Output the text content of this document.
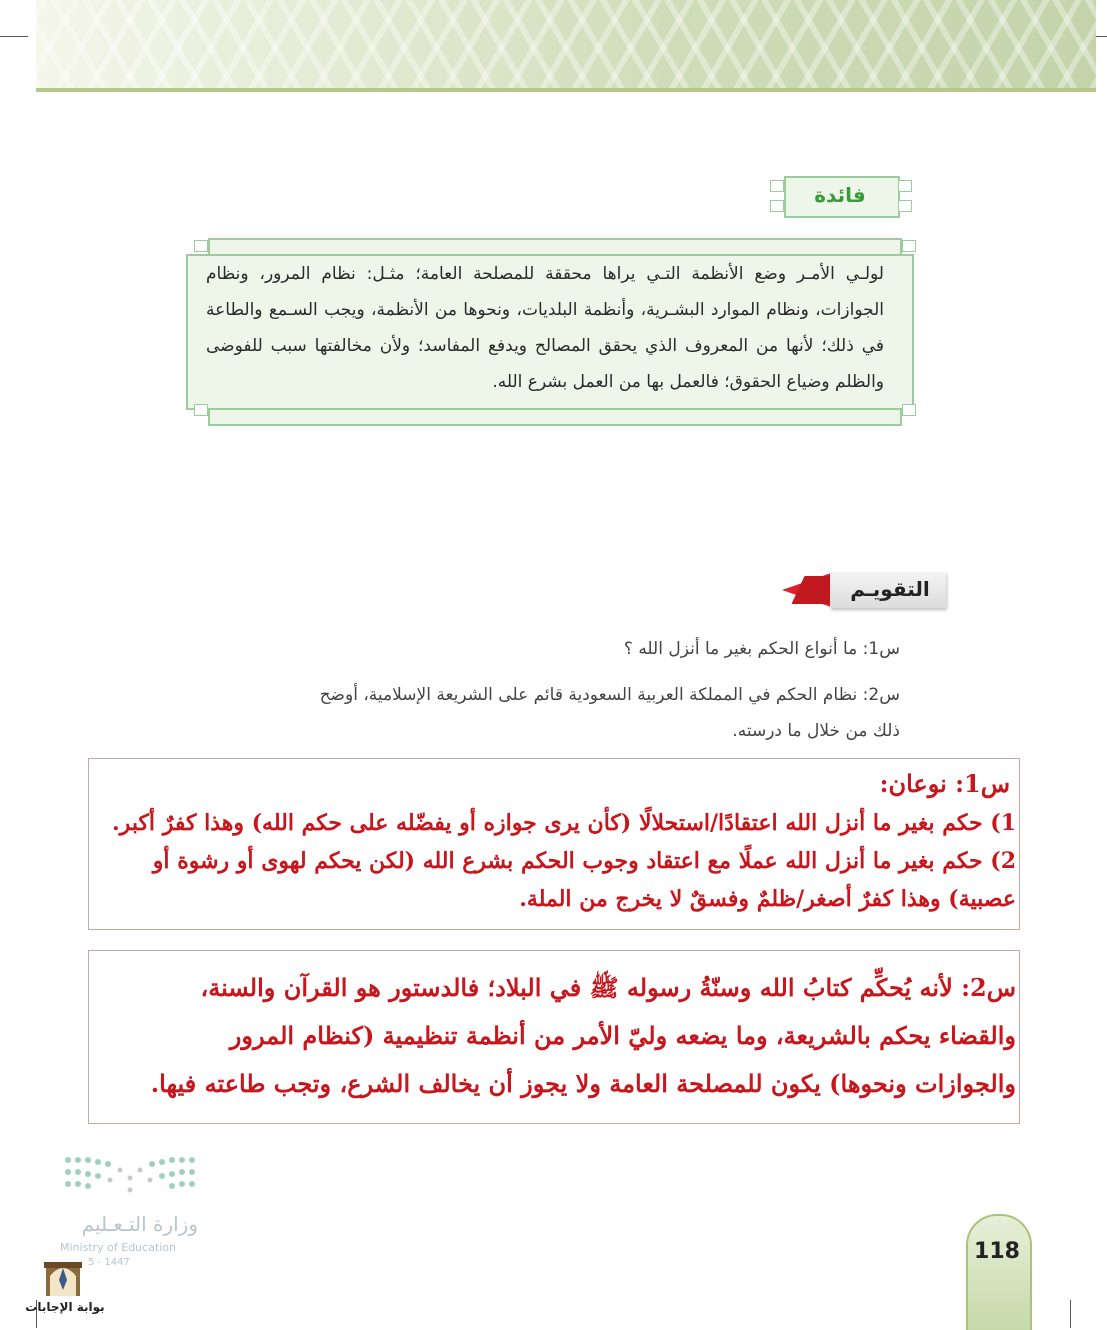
فائدة
لولـي الأمـر وضع الأنظمة التـي يراها محققة للمصلحة العامة؛ مثـل: نظام المرور، ونظام الجوازات، ونظام الموارد البشـرية، وأنظمة البلديات، ونحوها من الأنظمة، ويجب السـمع والطاعة في ذلك؛ لأنها من المعروف الذي يحقق المصالح ويدفع المفاسد؛ ولأن مخالفتها سبب للفوضى والظلم وضياع الحقوق؛ فالعمل بها من العمل بشرع الله.
التقويـم
س1: ما أنواع الحكم بغير ما أنزل الله ؟
س2: نظام الحكم في المملكة العربية السعودية قائم على الشريعة الإسلامية، أوضح
ذلك من خلال ما درسته.
س1: نوعان:
1) حكم بغير ما أنزل الله اعتقادًا/استحلالًا (كأن يرى جوازه أو يفضّله على حكم الله) وهذا كفرٌ أكبر.
2) حكم بغير ما أنزل الله عملًا مع اعتقاد وجوب الحكم بشرع الله (لكن يحكم لهوى أو رشوة أو
عصبية) وهذا كفرٌ أصغر/ظلمٌ وفسقٌ لا يخرج من الملة.
س2: لأنه يُحكِّم كتابُ الله وسنّةُ رسوله ﷺ في البلاد؛ فالدستور هو القرآن والسنة،
والقضاء يحكم بالشريعة، وما يضعه وليّ الأمر من أنظمة تنظيمية (كنظام المرور
والجوازات ونحوها) يكون للمصلحة العامة ولا يجوز أن يخالف الشرع، وتجب طاعته فيها.
وزارة التـعـليم
Ministry of Education
5 - 1447
بوابة الإجابات
118
